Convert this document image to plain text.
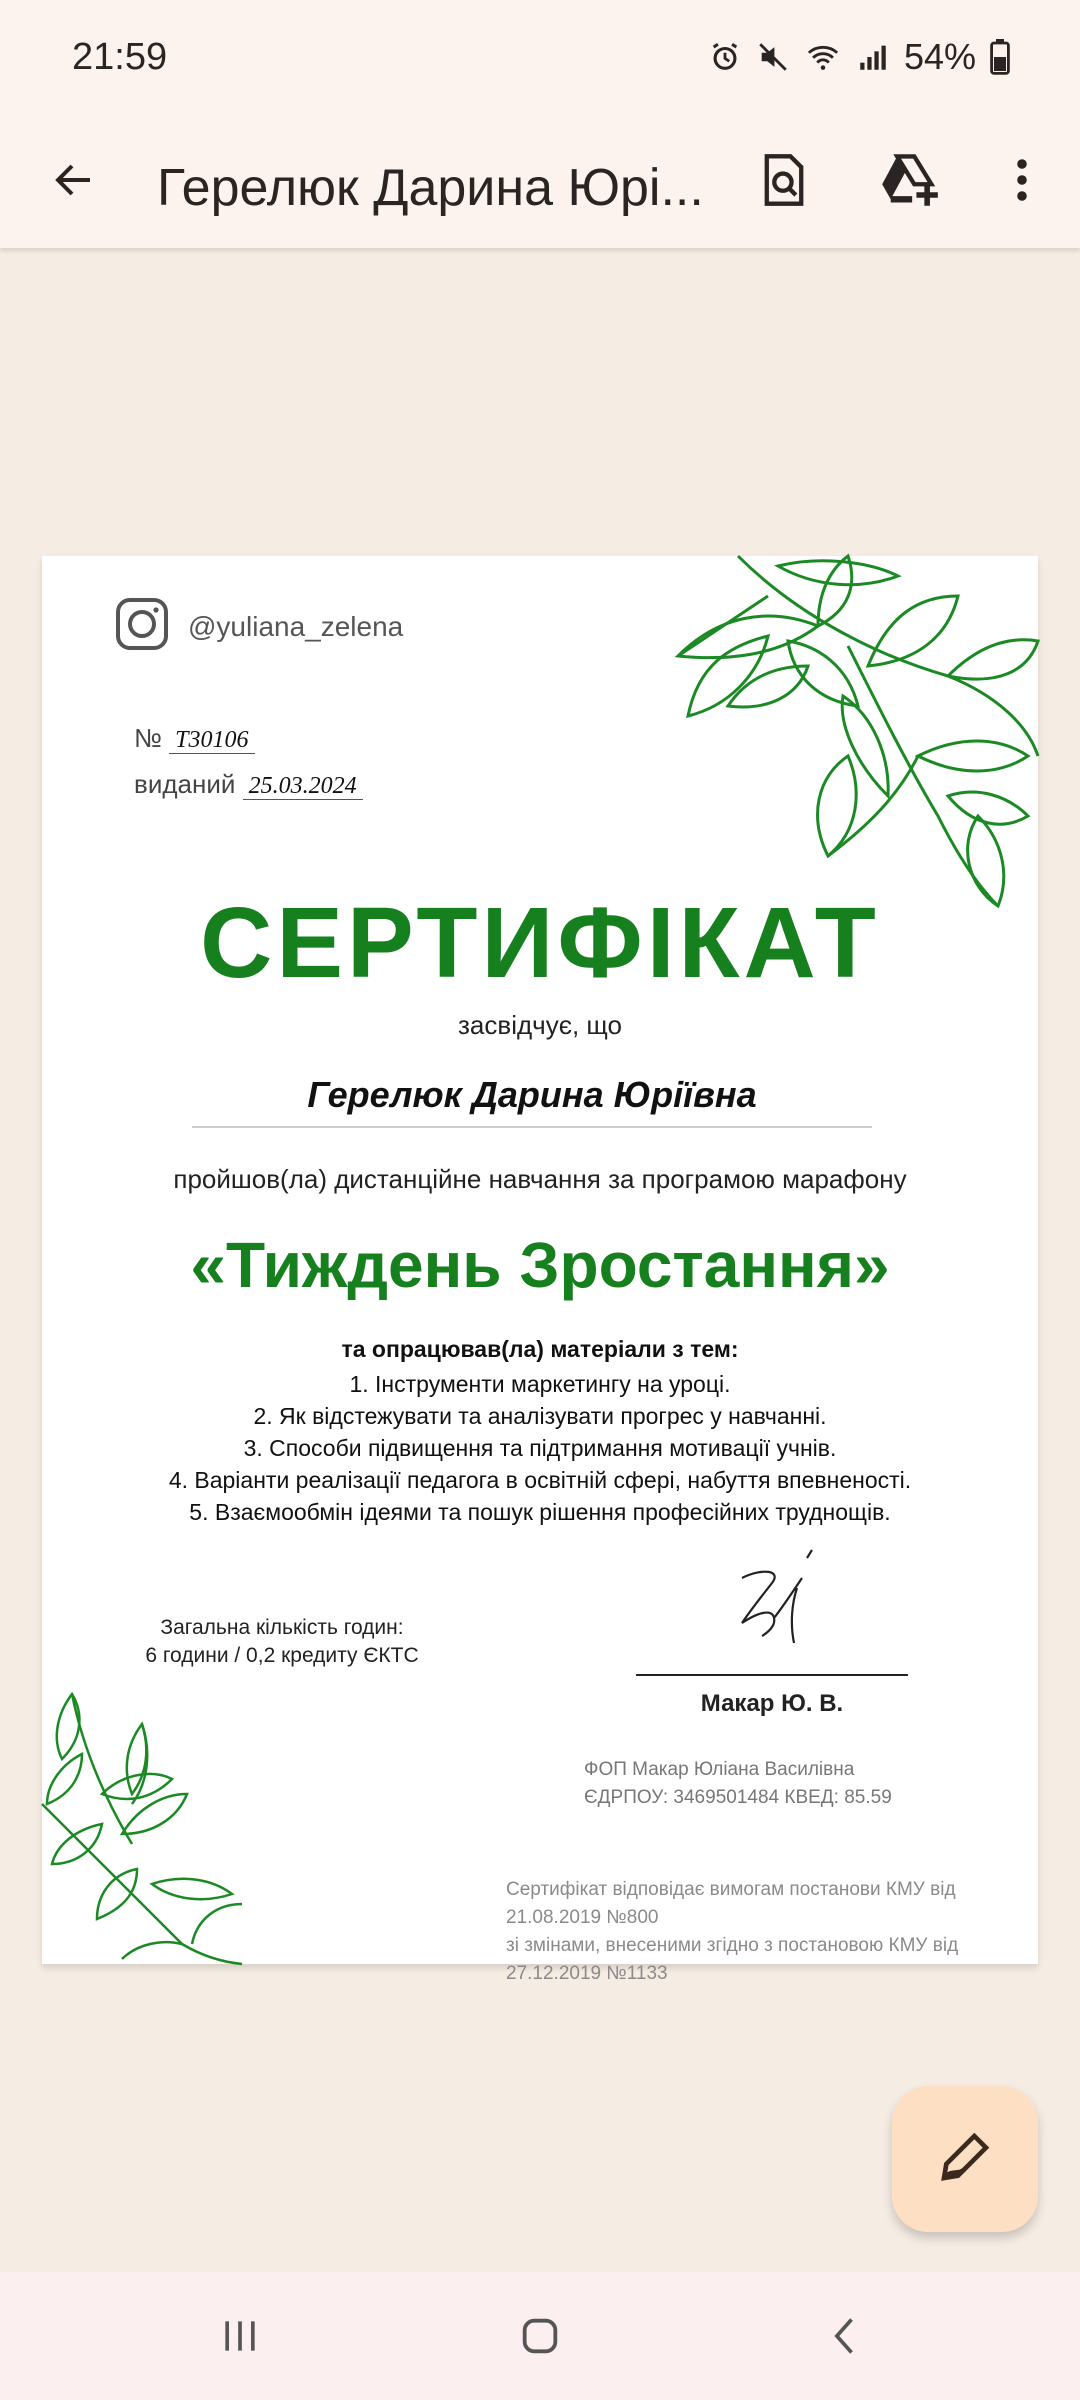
21:59	54%
Герелюк Дарина Юрі...
@yuliana_zelena
№ Т30106
виданий 25.03.2024
СЕРТИФІКАТ
засвідчує, що
Герелюк Дарина Юріївна
пройшов(ла) дистанційне навчання за програмою марафону
«Тиждень Зростання»
та опрацював(ла) матеріали з тем:
1. Інструменти маркетингу на уроці.
2. Як відстежувати та аналізувати прогрес у навчанні.
3. Способи підвищення та підтримання мотивації учнів.
4. Варіанти реалізації педагога в освітній сфері, набуття впевненості.
5. Взаємообмін ідеями та пошук рішення професійних труднощів.
Загальна кількість годин:
6 години / 0,2 кредиту ЄКТС
Макар Ю. В.
ФОП Макар Юліана Василівна
ЄДРПОУ: 3469501484 КВЕД: 85.59
Сертифікат відповідає вимогам постанови КМУ від 21.08.2019 №800
зі змінами, внесеними згідно з постановою КМУ від 27.12.2019 №1133
